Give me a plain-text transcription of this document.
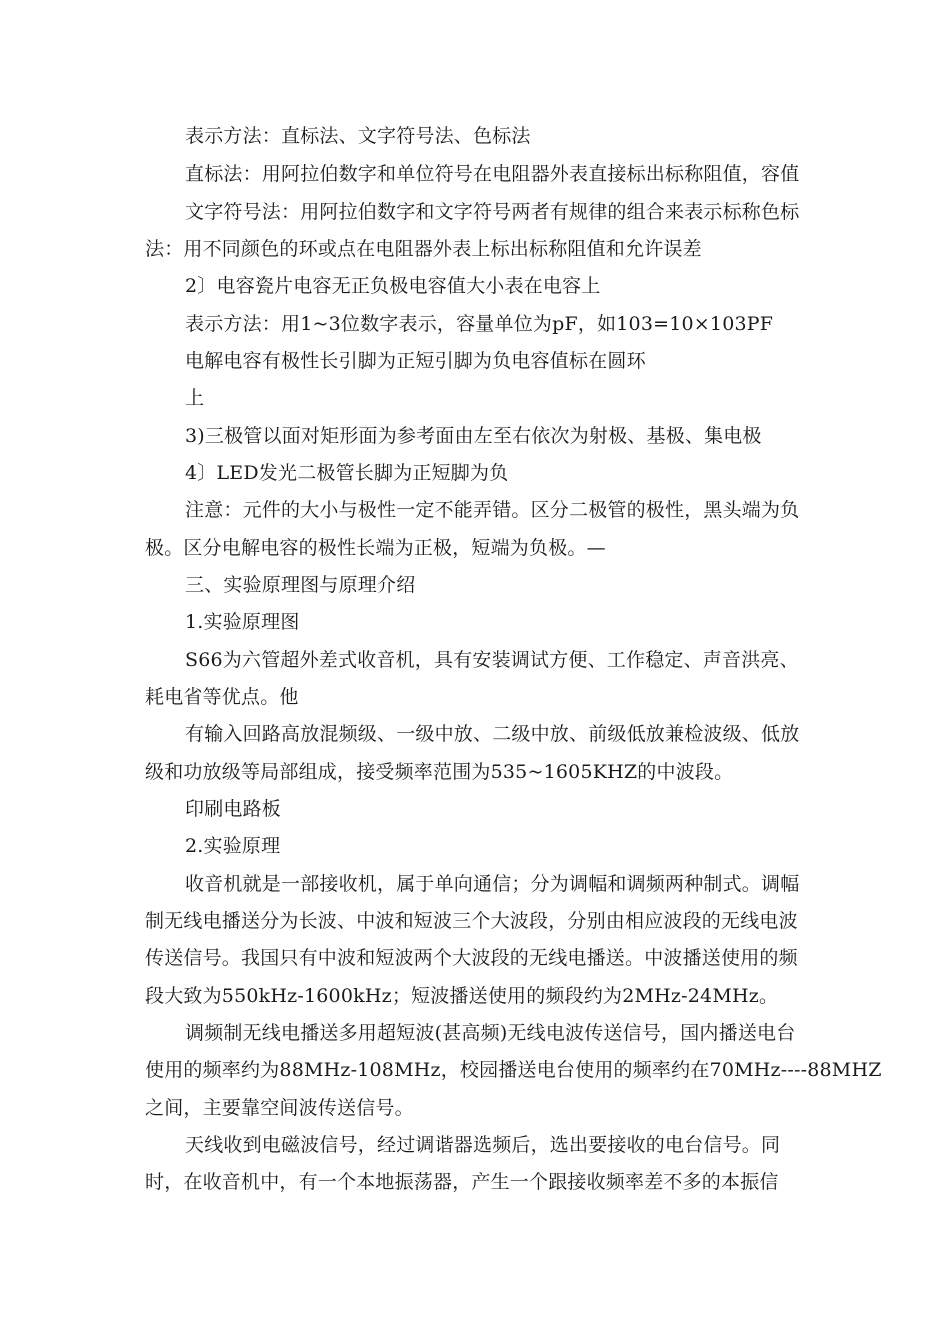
表示方法：直标法、文字符号法、色标法
直标法：用阿拉伯数字和单位符号在电阻器外表直接标出标称阻值，容值
文字符号法：用阿拉伯数字和文字符号两者有规律的组合来表示标称色标
法：用不同颜色的环或点在电阻器外表上标出标称阻值和允许误差
2〕电容瓷片电容无正负极电容值大小表在电容上
表示方法：用1~3位数字表示，容量单位为pF，如103=10×103PF
电解电容有极性长引脚为正短引脚为负电容值标在圆环
上
3)三极管以面对矩形面为参考面由左至右依次为射极、基极、集电极
4〕LED发光二极管长脚为正短脚为负
注意：元件的大小与极性一定不能弄错。区分二极管的极性，黑头端为负
极。区分电解电容的极性长端为正极，短端为负极。—
三、实验原理图与原理介绍
1.实验原理图
S66为六管超外差式收音机，具有安装调试方便、工作稳定、声音洪亮、
耗电省等优点。他
有输入回路高放混频级、一级中放、二级中放、前级低放兼检波级、低放
级和功放级等局部组成，接受频率范围为535~1605KHZ的中波段。
印刷电路板
2.实验原理
收音机就是一部接收机，属于单向通信；分为调幅和调频两种制式。调幅
制无线电播送分为长波、中波和短波三个大波段，分别由相应波段的无线电波
传送信号。我国只有中波和短波两个大波段的无线电播送。中波播送使用的频
段大致为550kHz-1600kHz；短波播送使用的频段约为2MHz-24MHz。
调频制无线电播送多用超短波(甚高频)无线电波传送信号，国内播送电台
使用的频率约为88MHz-108MHz，校园播送电台使用的频率约在70MHz----88MHZ
之间，主要靠空间波传送信号。
天线收到电磁波信号，经过调谐器选频后，选出要接收的电台信号。同
时，在收音机中，有一个本地振荡器，产生一个跟接收频率差不多的本振信
